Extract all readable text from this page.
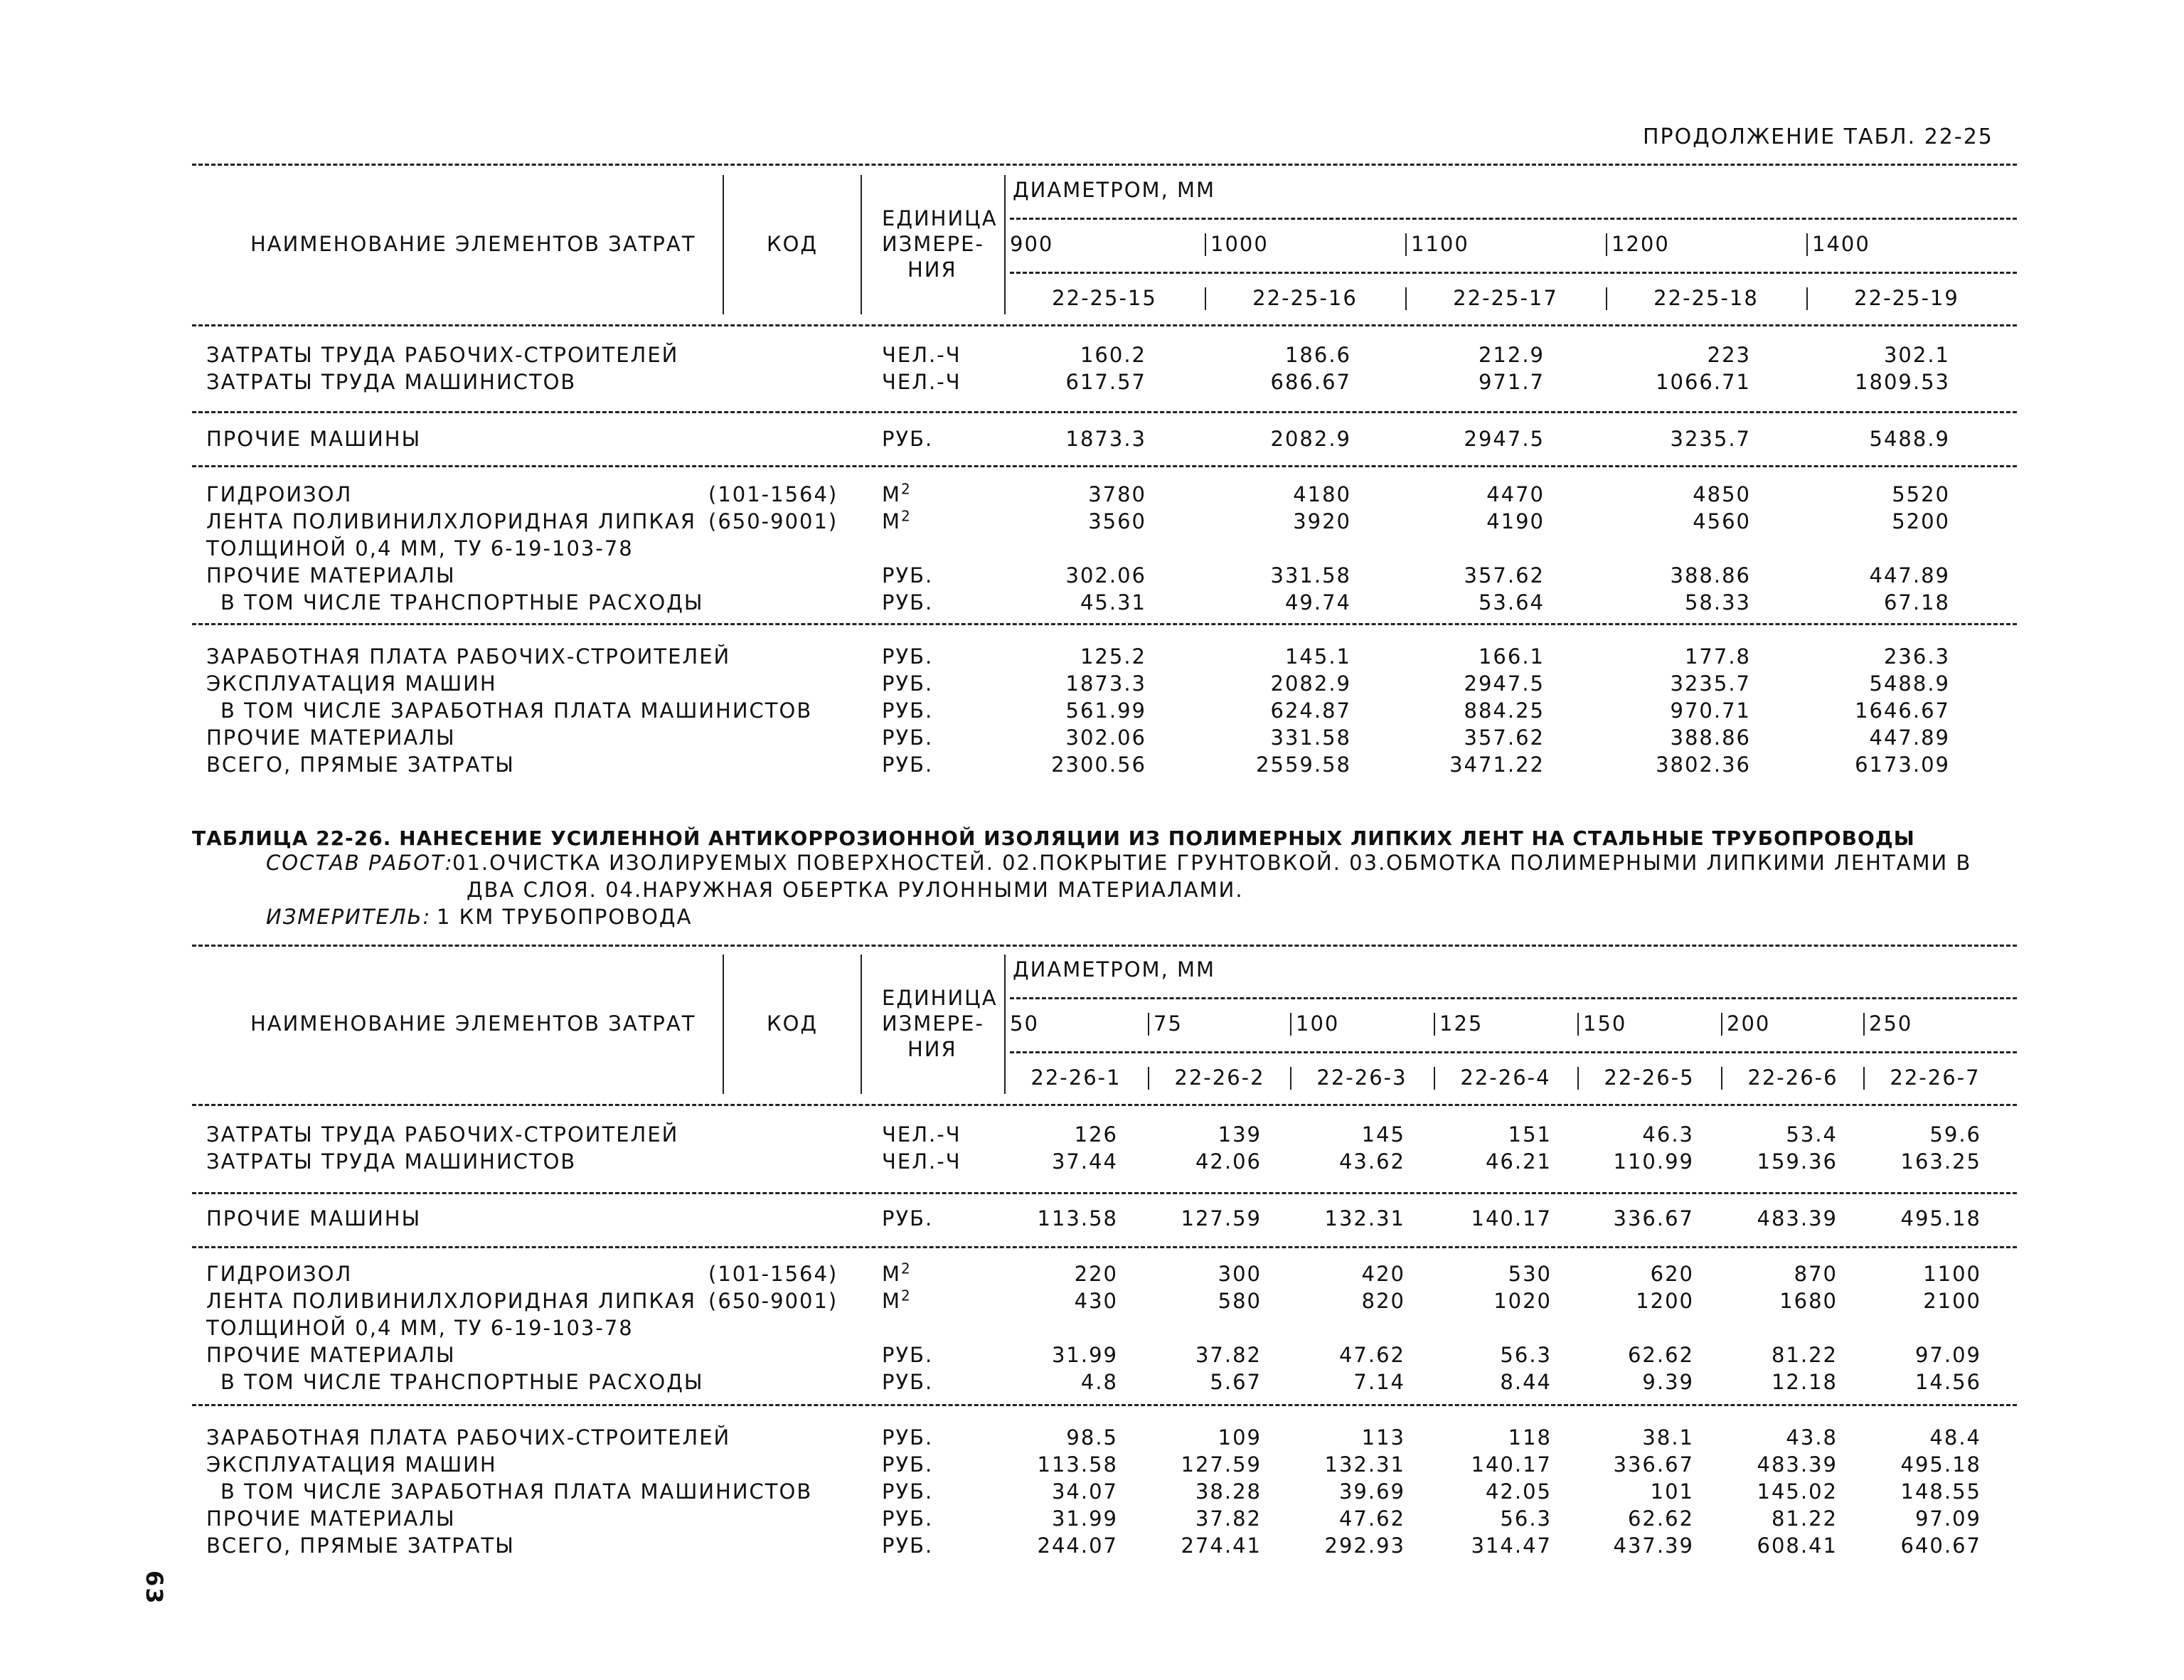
63
ПРОДОЛЖЕНИЕ ТАБЛ. 22-25
НАИМЕНОВАНИЕ ЭЛЕМЕНТОВ ЗАТРАТ	КОД
ЕДИНИЦА
ИЗМЕРЕ-
НИЯ
ДИАМЕТРОМ, ММ
900	1000	1100	1200	1400
22-25-15	22-25-16	22-25-17	22-25-18	22-25-19
ЗАТРАТЫ ТРУДА РАБОЧИХ-СТРОИТЕЛЕЙ	ЧЕЛ.-Ч	160.2	186.6	212.9	223	302.1
ЗАТРАТЫ ТРУДА МАШИНИСТОВ	ЧЕЛ.-Ч	617.57	686.67	971.7	1066.71	1809.53
ПРОЧИЕ МАШИНЫ	РУБ.	1873.3	2082.9	2947.5	3235.7	5488.9
ГИДРОИЗОЛ	(101-1564) $М^2$	3780	4180	4470	4850	5520
ЛЕНТА ПОЛИВИНИЛХЛОРИДНАЯ ЛИПКАЯ (650-9001) $М^2$	3560	3920	4190	4560	5200
ТОЛЩИНОЙ 0,4 ММ, ТУ 6-19-103-78
ПРОЧИЕ МАТЕРИАЛЫ	РУБ.	302.06	331.58	357.62	388.86	447.89
В ТОМ ЧИСЛЕ ТРАНСПОРТНЫЕ РАСХОДЫ	РУБ.	45.31	49.74	53.64	58.33	67.18
ЗАРАБОТНАЯ ПЛАТА РАБОЧИХ-СТРОИТЕЛЕЙ	РУБ.	125.2	145.1	166.1	177.8	236.3
ЭКСПЛУАТАЦИЯ МАШИН	РУБ.	1873.3	2082.9	2947.5	3235.7	5488.9
В ТОМ ЧИСЛЕ ЗАРАБОТНАЯ ПЛАТА МАШИНИСТОВ	РУБ.	561.99	624.87	884.25	970.71	1646.67
ПРОЧИЕ МАТЕРИАЛЫ	РУБ.	302.06	331.58	357.62	388.86	447.89
ВСЕГО, ПРЯМЫЕ ЗАТРАТЫ	РУБ.	2300.56	2559.58	3471.22	3802.36	6173.09
ТАБЛИЦА 22-26. НАНЕСЕНИЕ УСИЛЕННОЙ АНТИКОРРОЗИОННОЙ ИЗОЛЯЦИИ ИЗ ПОЛИМЕРНЫХ ЛИПКИХ ЛЕНТ НА СТАЛЬНЫЕ ТРУБОПРОВОДЫ
СОСТАВ РАБОТ:
01.ОЧИСТКА ИЗОЛИРУЕМЫХ ПОВЕРХНОСТЕЙ. 02.ПОКРЫТИЕ ГРУНТОВКОЙ. 03.ОБМОТКА ПОЛИМЕРНЫМИ ЛИПКИМИ ЛЕНТАМИ В
ДВА СЛОЯ. 04.НАРУЖНАЯ ОБЕРТКА РУЛОННЫМИ МАТЕРИАЛАМИ.
ИЗМЕРИТЕЛЬ: 1 КМ ТРУБОПРОВОДА
НАИМЕНОВАНИЕ ЭЛЕМЕНТОВ ЗАТРАТ	КОД
ЕДИНИЦА
ИЗМЕРЕ-
НИЯ
ДИАМЕТРОМ, ММ
50	75	100	125	150	200	250
22-26-1	22-26-2	22-26-3	22-26-4	22-26-5	22-26-6	22-26-7
ЗАТРАТЫ ТРУДА РАБОЧИХ-СТРОИТЕЛЕЙ	ЧЕЛ.-Ч	126	139	145	151	46.3	53.4	59.6
ЗАТРАТЫ ТРУДА МАШИНИСТОВ	ЧЕЛ.-Ч	37.44	42.06	43.62	46.21	110.99	159.36	163.25
ПРОЧИЕ МАШИНЫ	РУБ.	113.58	127.59	132.31	140.17	336.67	483.39	495.18
ГИДРОИЗОЛ	(101-1564) $М^2$	220	300	420	530	620	870	1100
ЛЕНТА ПОЛИВИНИЛХЛОРИДНАЯ ЛИПКАЯ (650-9001) $М^2$	430	580	820	1020	1200	1680	2100
ТОЛЩИНОЙ 0,4 ММ, ТУ 6-19-103-78
ПРОЧИЕ МАТЕРИАЛЫ	РУБ.	31.99	37.82	47.62	56.3	62.62	81.22	97.09
В ТОМ ЧИСЛЕ ТРАНСПОРТНЫЕ РАСХОДЫ	РУБ.	4.8	5.67	7.14	8.44	9.39	12.18	14.56
ЗАРАБОТНАЯ ПЛАТА РАБОЧИХ-СТРОИТЕЛЕЙ	РУБ.	98.5	109	113	118	38.1	43.8	48.4
ЭКСПЛУАТАЦИЯ МАШИН	РУБ.	113.58	127.59	132.31	140.17	336.67	483.39	495.18
В ТОМ ЧИСЛЕ ЗАРАБОТНАЯ ПЛАТА МАШИНИСТОВ	РУБ.	34.07	38.28	39.69	42.05	101	145.02	148.55
ПРОЧИЕ МАТЕРИАЛЫ	РУБ.	31.99	37.82	47.62	56.3	62.62	81.22	97.09
ВСЕГО, ПРЯМЫЕ ЗАТРАТЫ	РУБ.	244.07	274.41	292.93	314.47	437.39	608.41	640.67
